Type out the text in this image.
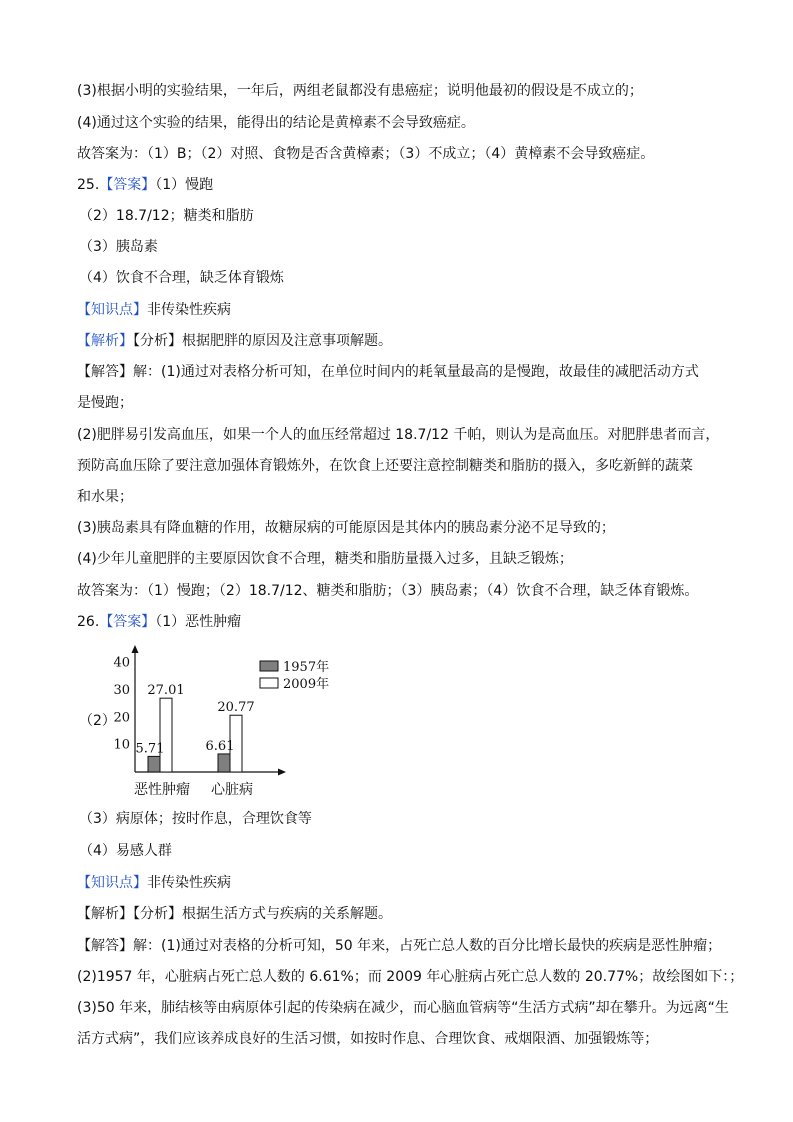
(3)根据小明的实验结果，一年后，两组老鼠都没有患癌症；说明他最初的假设是不成立的；
(4)通过这个实验的结果，能得出的结论是黄樟素不会导致癌症。
故答案为：（1）B；（2）对照、食物是否含黄樟素；（3）不成立；（4）黄樟素不会导致癌症。
25.【答案】（1）慢跑
（2）18.7/12；糖类和脂肪
（3）胰岛素
（4）饮食不合理，缺乏体育锻炼
【知识点】非传染性疾病
【解析】【分析】根据肥胖的原因及注意事项解题。
【解答】解：(1)通过对表格分析可知，在单位时间内的耗氧量最高的是慢跑，故最佳的减肥活动方式
是慢跑；
(2)肥胖易引发高血压，如果一个人的血压经常超过 18.7/12 千帕，则认为是高血压。对肥胖患者而言，
预防高血压除了要注意加强体育锻炼外，在饮食上还要注意控制糖类和脂肪的摄入，多吃新鲜的蔬菜
和水果；
(3)胰岛素具有降血糖的作用，故糖尿病的可能原因是其体内的胰岛素分泌不足导致的；
(4)少年儿童肥胖的主要原因饮食不合理，糖类和脂肪量摄入过多，且缺乏锻炼；
故答案为：（1）慢跑；（2）18.7/12、糖类和脂肪；（3）胰岛素；（4）饮食不合理，缺乏体育锻炼。
26.【答案】（1）恶性肿瘤
（2）
10
20
30
40
5.71
27.01
6.61
20.77
恶性肿瘤 心脏病
1957年
2009年
（3）病原体；按时作息，合理饮食等
（4）易感人群
【知识点】非传染性疾病
【解析】【分析】根据生活方式与疾病的关系解题。
【解答】解：(1)通过对表格的分析可知，50 年来，占死亡总人数的百分比增长最快的疾病是恶性肿瘤；
(2)1957 年，心脏病占死亡总人数的 6.61%；而 2009 年心脏病占死亡总人数的 20.77%；故绘图如下：；
(3)50 年来，肺结核等由病原体引起的传染病在减少，而心脑血管病等“生活方式病”却在攀升。为远离“生
活方式病”，我们应该养成良好的生活习惯，如按时作息、合理饮食、戒烟限酒、加强锻炼等；
